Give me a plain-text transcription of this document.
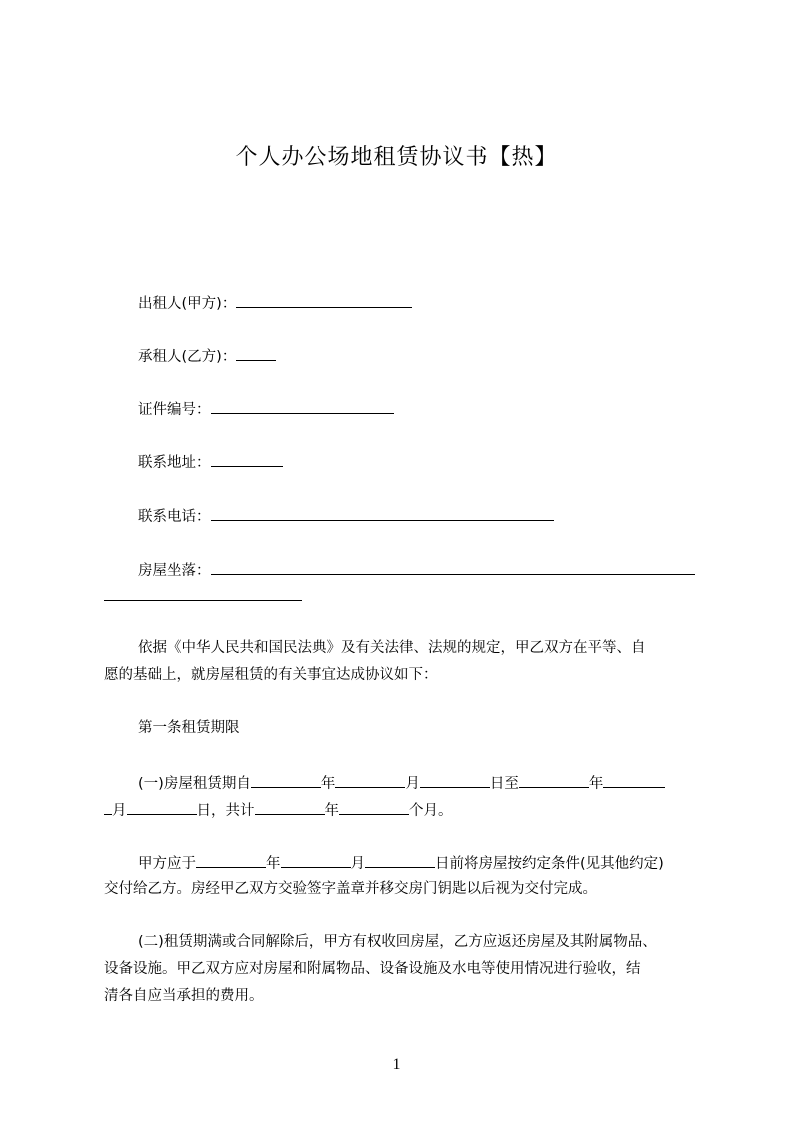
个人办公场地租赁协议书【热】
出租人(甲方)：
承租人(乙方)：
证件编号：
联系地址：
联系电话：
房屋坐落：
依据《中华人民共和国民法典》及有关法律、法规的规定，甲乙双方在平等、自
愿的基础上，就房屋租赁的有关事宜达成协议如下：
第一条租赁期限
(一)房屋租赁期自	年	月	日至	年
月	日，共计	年	个月。
甲方应于	年	月	日前将房屋按约定条件(见其他约定)
交付给乙方。房经甲乙双方交验签字盖章并移交房门钥匙以后视为交付完成。
(二)租赁期满或合同解除后，甲方有权收回房屋，乙方应返还房屋及其附属物品、
设备设施。甲乙双方应对房屋和附属物品、设备设施及水电等使用情况进行验收，结
清各自应当承担的费用。
1
